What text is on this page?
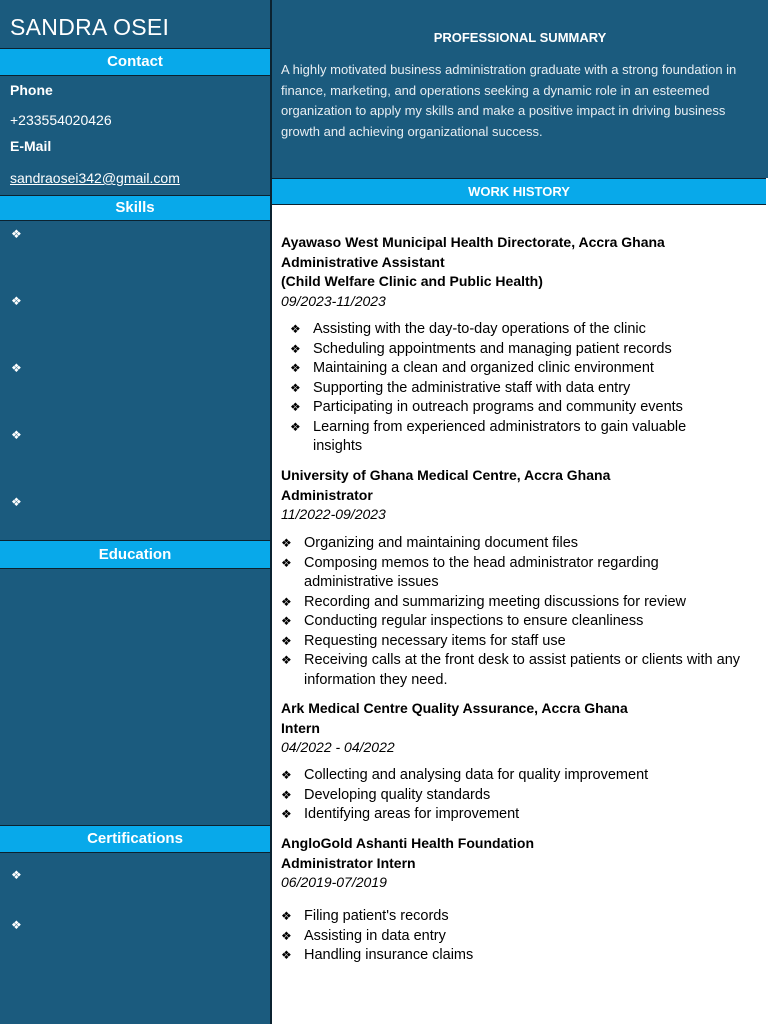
SANDRA OSEI
Contact
Phone
+233554020426
E-Mail
sandraosei342@gmail.com
Skills
❖
❖
❖
❖
❖
Education
Certifications
❖
❖
PROFESSIONAL SUMMARY
A highly motivated business administration graduate with a strong foundation in finance, marketing, and operations seeking a dynamic role in an esteemed organization to apply my skills and make a positive impact in driving business growth and achieving organizational success.
WORK HISTORY
Ayawaso West Municipal Health Directorate, Accra Ghana
Administrative Assistant
(Child Welfare Clinic and Public Health)
09/2023-11/2023
❖ Assisting with the day-to-day operations of the clinic
❖ Scheduling appointments and managing patient records
❖ Maintaining a clean and organized clinic environment
❖ Supporting the administrative staff with data entry
❖ Participating in outreach programs and community events
❖ Learning from experienced administrators to gain valuable insights
University of Ghana Medical Centre, Accra Ghana
Administrator
11/2022-09/2023
❖ Organizing and maintaining document files
❖ Composing memos to the head administrator regarding administrative issues
❖ Recording and summarizing meeting discussions for review
❖ Conducting regular inspections to ensure cleanliness
❖ Requesting necessary items for staff use
❖ Receiving calls at the front desk to assist patients or clients with any information they need.
Ark Medical Centre Quality Assurance, Accra Ghana
Intern
04/2022 - 04/2022
❖ Collecting and analysing data for quality improvement
❖ Developing quality standards
❖ Identifying areas for improvement
AngloGold Ashanti Health Foundation
Administrator Intern
06/2019-07/2019
❖ Filing patient's records
❖ Assisting in data entry
❖ Handling insurance claims
